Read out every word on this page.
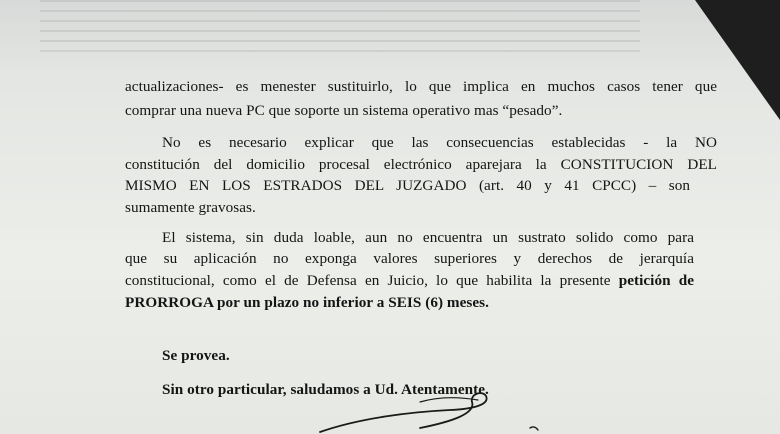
actualizaciones- es menester sustituirlo, lo que implica en muchos casos tener que
comprar una nueva PC que soporte un sistema operativo mas “pesado”.
No es necesario explicar que las consecuencias establecidas - la NO
constitución del domicilio procesal electrónico aparejara la CONSTITUCION DEL
MISMO EN LOS ESTRADOS DEL JUZGADO (art. 40 y 41 CPCC) – son
sumamente gravosas.
El sistema, sin duda loable, aun no encuentra un sustrato solido como para
que su aplicación no exponga valores superiores y derechos de jerarquía
constitucional, como el de Defensa en Juicio, lo que habilita la presente petición de
PRORROGA por un plazo no inferior a SEIS (6) meses.
Se provea.
Sin otro particular, saludamos a Ud. Atentamente.
